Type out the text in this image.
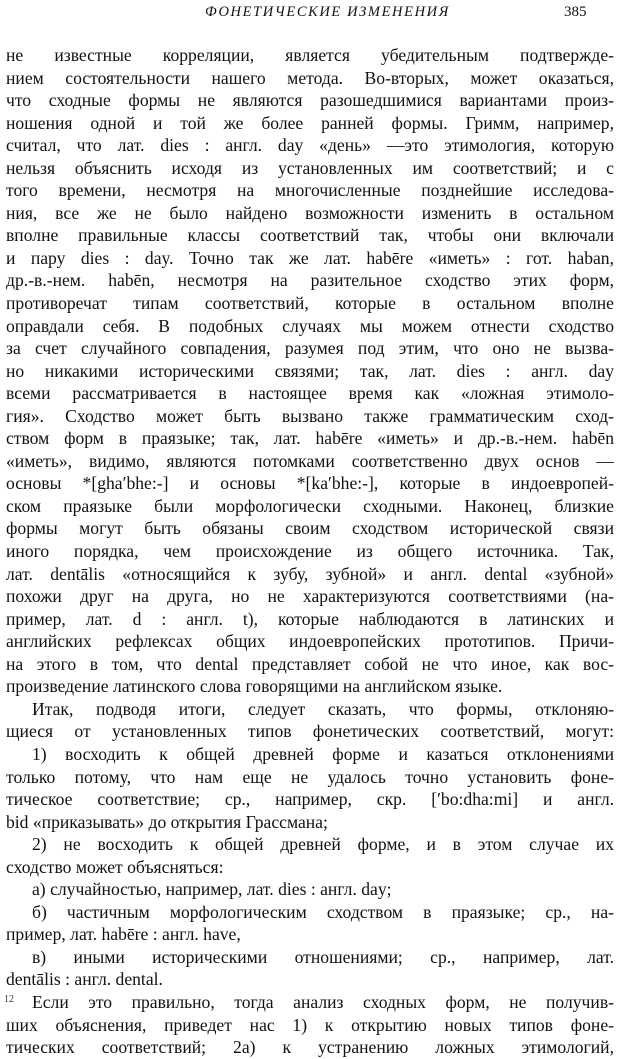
ФОНЕТИЧЕСКИЕ ИЗМЕНЕНИЯ	385
не известные корреляции, является убедительным подтвержде-
нием состоятельности нашего метода. Во-вторых, может оказаться,
что сходные формы не являются разошедшимися вариантами произ-
ношения одной и той же более ранней формы. Гримм, например,
считал, что лат. dies : англ. day «день» —это этимология, которую
нельзя объяснить исходя из установленных им соответствий; и с
того времени, несмотря на многочисленные позднейшие исследова-
ния, все же не было найдено возможности изменить в остальном
вполне правильные классы соответствий так, чтобы они включали
и пару dies : day. Точно так же лат. habēre «иметь» : гот. haban,
др.-в.-нем. habēn, несмотря на разительное сходство этих форм,
противоречат типам соответствий, которые в остальном вполне
оправдали себя. В подобных случаях мы можем отнести сходство
за счет случайного совпадения, разумея под этим, что оно не вызва-
но никакими историческими связями; так, лат. dies : англ. day
всеми рассматривается в настоящее время как «ложная этимоло-
гия». Сходство может быть вызвано также грамматическим сход-
ством форм в праязыке; так, лат. habēre «иметь» и др.-в.-нем. habēn
«иметь», видимо, являются потомками соответственно двух основ —
основы *[gha′bhe:-] и основы *[ka′bhe:-], которые в индоевропей-
ском праязыке были морфологически сходными. Наконец, близкие
формы могут быть обязаны своим сходством исторической связи
иного порядка, чем происхождение из общего источника. Так,
лат. dentālis «относящийся к зубу, зубной» и англ. dental «зубной»
похожи друг на друга, но не характеризуются соответствиями (на-
пример, лат. d : англ. t), которые наблюдаются в латинских и
английских рефлексах общих индоевропейских прототипов. Причи-
на этого в том, что dental представляет собой не что иное, как вос-
произведение латинского слова говорящими на английском языке.
Итак, подводя итоги, следует сказать, что формы, отклоняю-
щиеся от установленных типов фонетических соответствий, могут:
1) восходить к общей древней форме и казаться отклонениями
только потому, что нам еще не удалось точно установить фоне-
тическое соответствие; ср., например, скр. [′bo:dha:mi] и англ.
bid «приказывать» до открытия Грассмана;
2) не восходить к общей древней форме, и в этом случае их
сходство может объясняться:
а) случайностью, например, лат. dies : англ. day;
б) частичным морфологическим сходством в праязыке; ср., на-
пример, лат. habēre : англ. have,
в) иными историческими отношениями; ср., например, лат.
dentālis : англ. dental.
Если это правильно, тогда анализ сходных форм, не получив-
ших объяснения, приведет нас 1) к открытию новых типов фоне-
тических соответствий; 2а) к устранению ложных этимологий,
12
